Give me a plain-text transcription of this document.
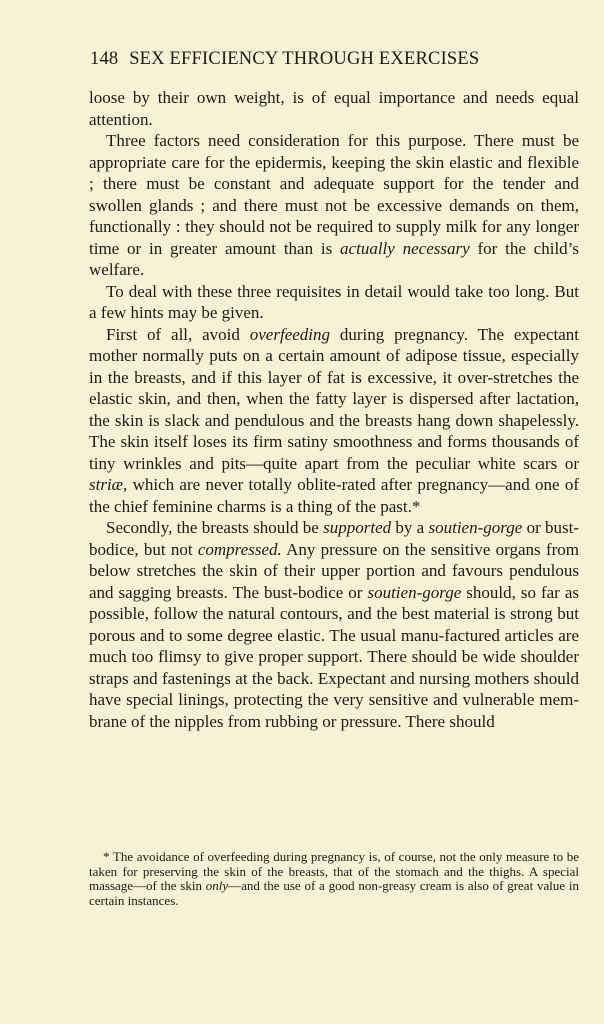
148 SEX EFFICIENCY THROUGH EXERCISES

loose by their own weight, is of equal importance and needs equal attention.

Three factors need consideration for this purpose. There must be appropriate care for the epidermis, keeping the skin elastic and flexible ; there must be constant and adequate support for the tender and swollen glands ; and there must not be excessive demands on them, functionally : they should not be required to supply milk for any longer time or in greater amount than is actually necessary for the child’s welfare.

To deal with these three requisites in detail would take too long. But a few hints may be given.

First of all, avoid overfeeding during pregnancy. The expectant mother normally puts on a certain amount of adipose tissue, especially in the breasts, and if this layer of fat is excessive, it over-stretches the elastic skin, and then, when the fatty layer is dispersed after lactation, the skin is slack and pendulous and the breasts hang down shapelessly. The skin itself loses its firm satiny smoothness and forms thousands of tiny wrinkles and pits—quite apart from the peculiar white scars or striæ, which are never totally oblite-rated after pregnancy—and one of the chief feminine charms is a thing of the past.*

Secondly, the breasts should be supported by a soutien-gorge or bust-bodice, but not compressed. Any pressure on the sensitive organs from below stretches the skin of their upper portion and favours pendulous and sagging breasts. The bust-bodice or soutien-gorge should, so far as possible, follow the natural contours, and the best material is strong but porous and to some degree elastic. The usual manu-factured articles are much too flimsy to give proper support. There should be wide shoulder straps and fastenings at the back. Expectant and nursing mothers should have special linings, protecting the very sensitive and vulnerable mem-brane of the nipples from rubbing or pressure. There should

* The avoidance of overfeeding during pregnancy is, of course, not the only measure to be taken for preserving the skin of the breasts, that of the stomach and the thighs. A special massage—of the skin only—and the use of a good non-greasy cream is also of great value in certain instances.
